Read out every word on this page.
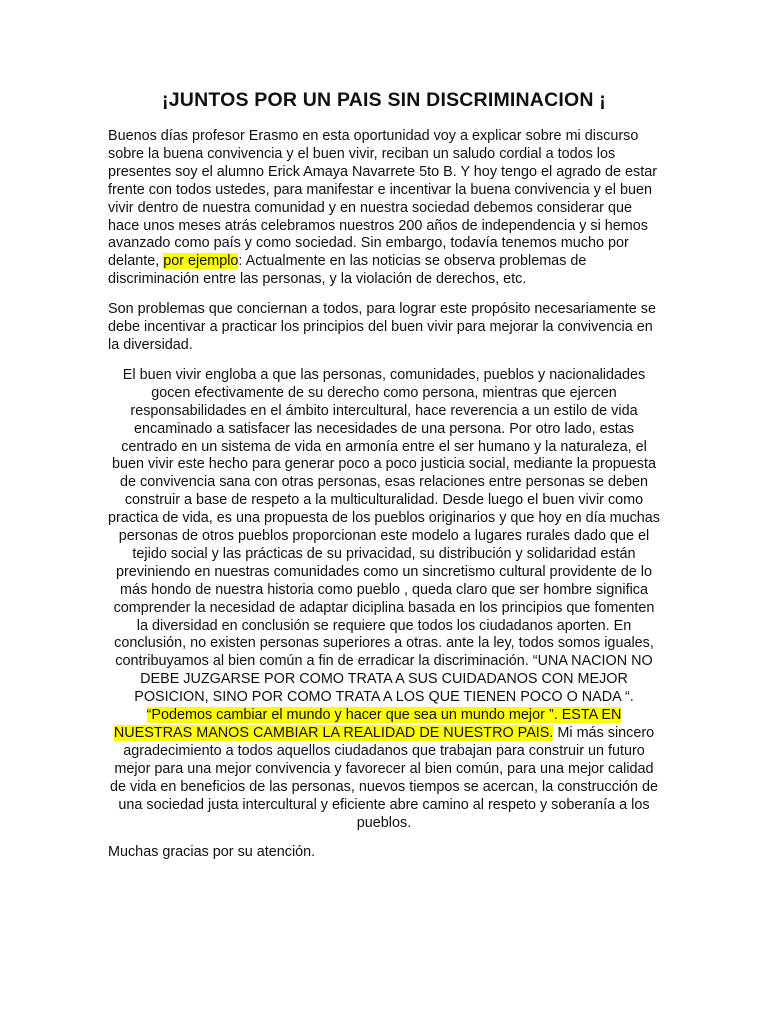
¡JUNTOS POR UN PAIS SIN DISCRIMINACION ¡

Buenos días profesor Erasmo en esta oportunidad voy a explicar sobre mi discurso sobre la buena convivencia y el buen vivir, reciban un saludo cordial a todos los presentes soy el alumno Erick Amaya Navarrete 5to B. Y hoy tengo el agrado de estar frente con todos ustedes, para manifestar e incentivar la buena convivencia y el buen vivir dentro de nuestra comunidad y en nuestra sociedad debemos considerar que hace unos meses atrás celebramos nuestros 200 años de independencia y si hemos avanzado como país y como sociedad. Sin embargo, todavía tenemos mucho por delante, por ejemplo: Actualmente en las noticias se observa problemas de discriminación entre las personas, y la violación de derechos, etc.

Son problemas que conciernan a todos, para lograr este propósito necesariamente se debe incentivar a practicar los principios del buen vivir para mejorar la convivencia en la diversidad.

El buen vivir engloba a que las personas, comunidades, pueblos y nacionalidades gocen efectivamente de su derecho como persona, mientras que ejercen responsabilidades en el ámbito intercultural, hace reverencia a un estilo de vida encaminado a satisfacer las necesidades de una persona. Por otro lado, estas centrado en un sistema de vida en armonía entre el ser humano y la naturaleza, el buen vivir este hecho para generar poco a poco justicia social, mediante la propuesta de convivencia sana con otras personas, esas relaciones entre personas se deben construir a base de respeto a la multiculturalidad. Desde luego el buen vivir como practica de vida, es una propuesta de los pueblos originarios y que hoy en día muchas personas de otros pueblos proporcionan este modelo a lugares rurales dado que el tejido social y las prácticas de su privacidad, su distribución y solidaridad están previniendo en nuestras comunidades como un sincretismo cultural providente de lo más hondo de nuestra historia como pueblo , queda claro que ser hombre significa comprender la necesidad de adaptar diciplina basada en los principios que fomenten la diversidad en conclusión se requiere que todos los ciudadanos aporten. En conclusión, no existen personas superiores a otras. ante la ley, todos somos iguales, contribuyamos al bien común a fin de erradicar la discriminación. “UNA NACION NO DEBE JUZGARSE POR COMO TRATA A SUS CUIDADANOS CON MEJOR POSICION, SINO POR COMO TRATA A LOS QUE TIENEN POCO O NADA “. “Podemos cambiar el mundo y hacer que sea un mundo mejor ”. ESTA EN NUESTRAS MANOS CAMBIAR LA REALIDAD DE NUESTRO PAIS. Mi más sincero agradecimiento a todos aquellos ciudadanos que trabajan para construir un futuro mejor para una mejor convivencia y favorecer al bien común, para una mejor calidad de vida en beneficios de las personas, nuevos tiempos se acercan, la construcción de una sociedad justa intercultural y eficiente abre camino al respeto y soberanía a los pueblos.

Muchas gracias por su atención.
